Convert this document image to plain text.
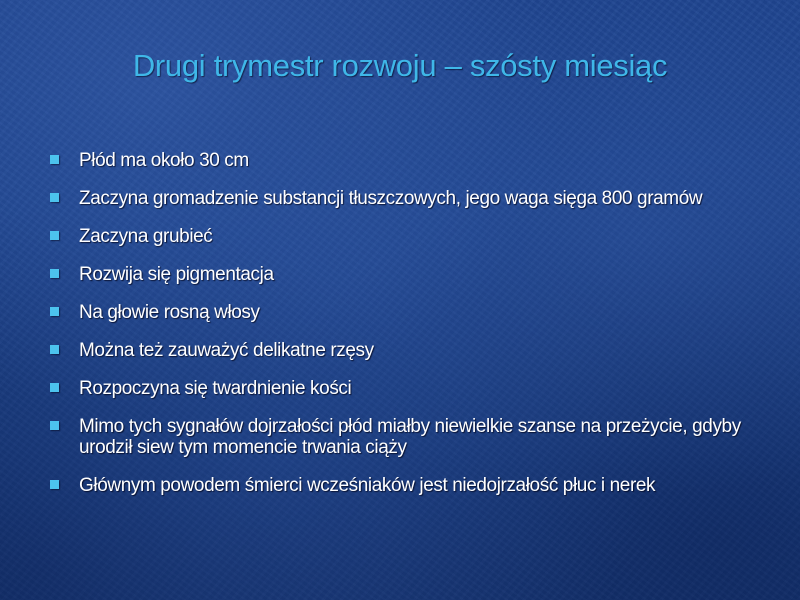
Drugi trymestr rozwoju – szósty miesiąc
Płód ma około 30 cm
Zaczyna gromadzenie substancji tłuszczowych, jego waga sięga 800 gramów
Zaczyna grubieć
Rozwija się pigmentacja
Na głowie rosną włosy
Można też zauważyć delikatne rzęsy
Rozpoczyna się twardnienie kości
Mimo tych sygnałów dojrzałości płód miałby niewielkie szanse na przeżycie, gdyby urodził siew tym momencie trwania ciąży
Głównym powodem śmierci wcześniaków jest niedojrzałość płuc i nerek
